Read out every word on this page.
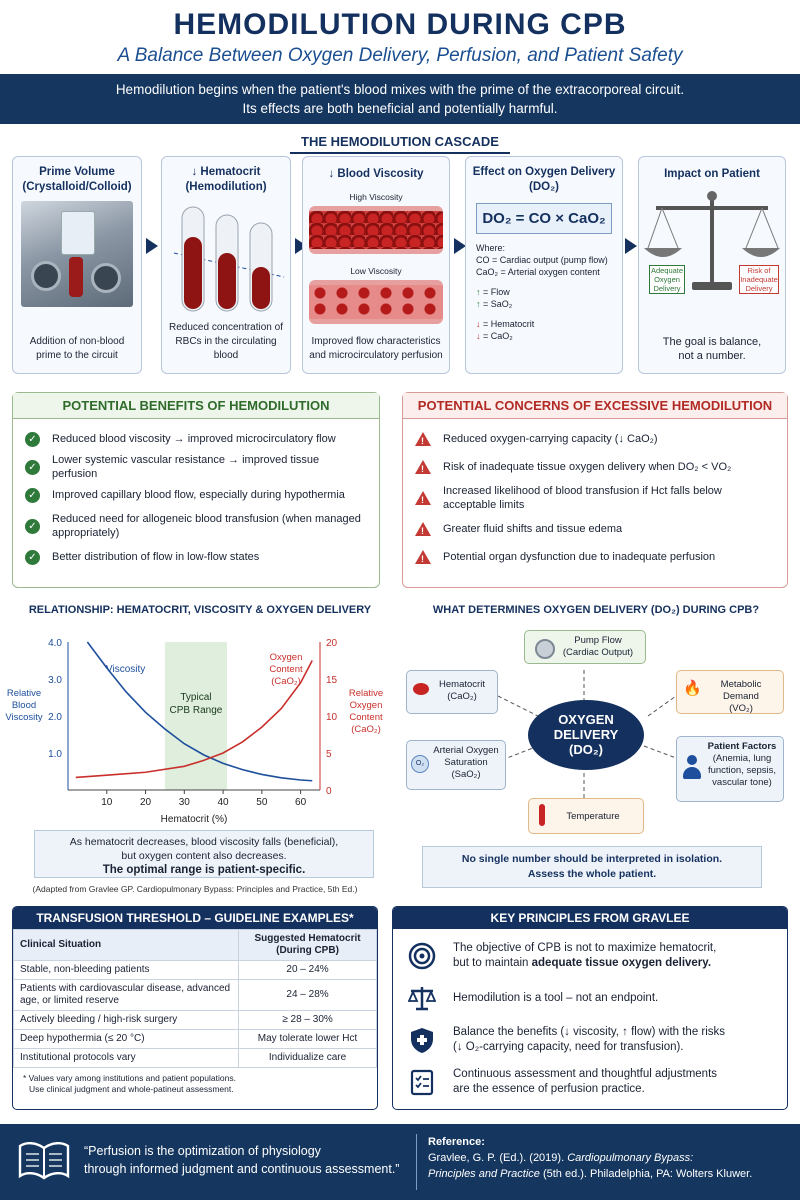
HEMODILUTION DURING CPB
A Balance Between Oxygen Delivery, Perfusion, and Patient Safety
Hemodilution begins when the patient's blood mixes with the prime of the extracorporeal circuit.
Its effects are both beneficial and potentially harmful.
THE HEMODILUTION CASCADE
Prime Volume
(Crystalloid/Colloid)
Addition of non-blood
prime to the circuit
↓ Hematocrit
(Hemodilution)
Reduced concentration of
RBCs in the circulating blood
↓ Blood Viscosity
High Viscosity
Low Viscosity
Improved flow characteristics
and microcirculatory perfusion
Effect on Oxygen Delivery
(DO₂)
DO₂ = CO × CaO₂
Where:
CO = Cardiac output (pump flow)
CaO₂ = Arterial oxygen content
↑ = Flow
↑ = SaO₂
↓ = Hematocrit
↓ = CaO₂
Impact on Patient
Adequate Oxygen Delivery
Risk of Inadequate Delivery
The goal is balance,
not a number.
POTENTIAL BENEFITS OF HEMODILUTION
✓	Reduced blood viscosity → improved microcirculatory flow
✓
Lower systemic vascular resistance → improved tissue perfusion
✓	Improved capillary blood flow, especially during hypothermia
✓
Reduced need for allogeneic blood transfusion (when managed appropriately)
✓	Better distribution of flow in low-flow states
POTENTIAL CONCERNS OF EXCESSIVE HEMODILUTION
! Reduced oxygen-carrying capacity (↓ CaO₂)
! Risk of inadequate tissue oxygen delivery when DO₂ < VO₂
!
Increased likelihood of blood transfusion if Hct falls below acceptable limits
! Greater fluid shifts and tissue edema
! Potential organ dysfunction due to inadequate perfusion
RELATIONSHIP: HEMATOCRIT, VISCOSITY & OXYGEN DELIVERY
Typical
CPB Range
10	20	30	40	50	60
1.0
2.0
3.0
4.0
0
5
10
15
20
Hematocrit (%)
Relative
Blood
Viscosity
Relative
Oxygen
Content
(CaO₂)
Viscosity
Oxygen
Content
(CaO₂)
As hematocrit decreases, blood viscosity falls (beneficial),
but oxygen content also decreases.
The optimal range is patient-specific.
(Adapted from Gravlee GP. Cardiopulmonary Bypass: Principles and Practice, 5th Ed.)
WHAT DETERMINES OXYGEN DELIVERY (DO₂) DURING CPB?
Pump Flow
(Cardiac Output)
Hematocrit
(CaO₂)	🔥	Metabolic Demand
(VO₂)
OXYGEN
DELIVERY
(DO₂)
O₂
Arterial Oxygen
Saturation
(SaO₂)
Patient Factors
(Anemia, lung
function, sepsis,
vascular tone)
Temperature
No single number should be interpreted in isolation.
Assess the whole patient.
TRANSFUSION THRESHOLD – GUIDELINE EXAMPLES*
Clinical Situation	Suggested Hematocrit
(During CPB)

Stable, non-bleeding patients	20 – 24%
Patients with cardiovascular disease, advanced age, or limited reserve	24 – 28%
Actively bleeding / high-risk surgery	≥ 28 – 30%
Deep hypothermia (≤ 20 °C)	May tolerate lower Hct
Institutional protocols vary	Individualize care
* Values vary among institutions and patient populations.
Use clinical judgment and whole-patineut assessment.
KEY PRINCIPLES FROM GRAVLEE
The objective of CPB is not to maximize hematocrit,
but to maintain adequate tissue oxygen delivery.
Hemodilution is a tool – not an endpoint.
Balance the benefits (↓ viscosity, ↑ flow) with the risks
(↓ O₂-carrying capacity, need for transfusion).
Continuous assessment and thoughtful adjustments
are the essence of perfusion practice.
“Perfusion is the optimization of physiology
through informed judgment and continuous assessment.”
Reference:
Gravlee, G. P. (Ed.). (2019). Cardiopulmonary Bypass:
Principles and Practice (5th ed.). Philadelphia, PA: Wolters Kluwer.
